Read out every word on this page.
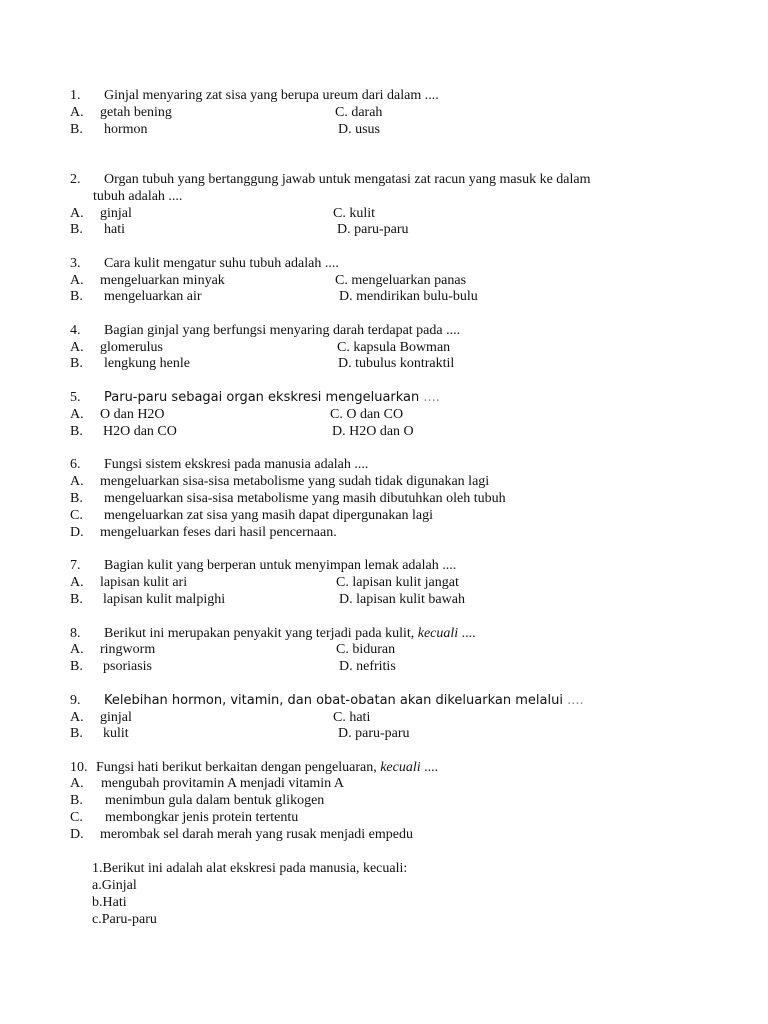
1. Ginjal menyaring zat sisa yang berupa ureum dari dalam ....
A. getah bening	C. darah
B. hormon	D. usus
2. Organ tubuh yang bertanggung jawab untuk mengatasi zat racun yang masuk ke dalam
tubuh adalah ....
A. ginjal	C. kulit
B. hati	D. paru-paru
3. Cara kulit mengatur suhu tubuh adalah ....
A. mengeluarkan minyak	C. mengeluarkan panas
B. mengeluarkan air	D. mendirikan bulu-bulu
4. Bagian ginjal yang berfungsi menyaring darah terdapat pada ....
A. glomerulus	C. kapsula Bowman
B. lengkung henle	D. tubulus kontraktil
5. Paru-paru sebagai organ ekskresi mengeluarkan ....
A. O dan H2O	C. O dan CO
B. H2O dan CO	D. H2O dan O
6. Fungsi sistem ekskresi pada manusia adalah ....
A. mengeluarkan sisa-sisa metabolisme yang sudah tidak digunakan lagi
B. mengeluarkan sisa-sisa metabolisme yang masih dibutuhkan oleh tubuh
C. mengeluarkan zat sisa yang masih dapat dipergunakan lagi
D. mengeluarkan feses dari hasil pencernaan.
7. Bagian kulit yang berperan untuk menyimpan lemak adalah ....
A. lapisan kulit ari	C. lapisan kulit jangat
B. lapisan kulit malpighi	D. lapisan kulit bawah
8. Berikut ini merupakan penyakit yang terjadi pada kulit, kecuali ....
A. ringworm	C. biduran
B. psoriasis	D. nefritis
9. Kelebihan hormon, vitamin, dan obat-obatan akan dikeluarkan melalui ....
A. ginjal	C. hati
B. kulit	D. paru-paru
10. Fungsi hati berikut berkaitan dengan pengeluaran, kecuali ....
A. mengubah provitamin A menjadi vitamin A
B. menimbun gula dalam bentuk glikogen
C. membongkar jenis protein tertentu
D. merombak sel darah merah yang rusak menjadi empedu
1.Berikut ini adalah alat ekskresi pada manusia, kecuali:
a.Ginjal
b.Hati
c.Paru-paru
